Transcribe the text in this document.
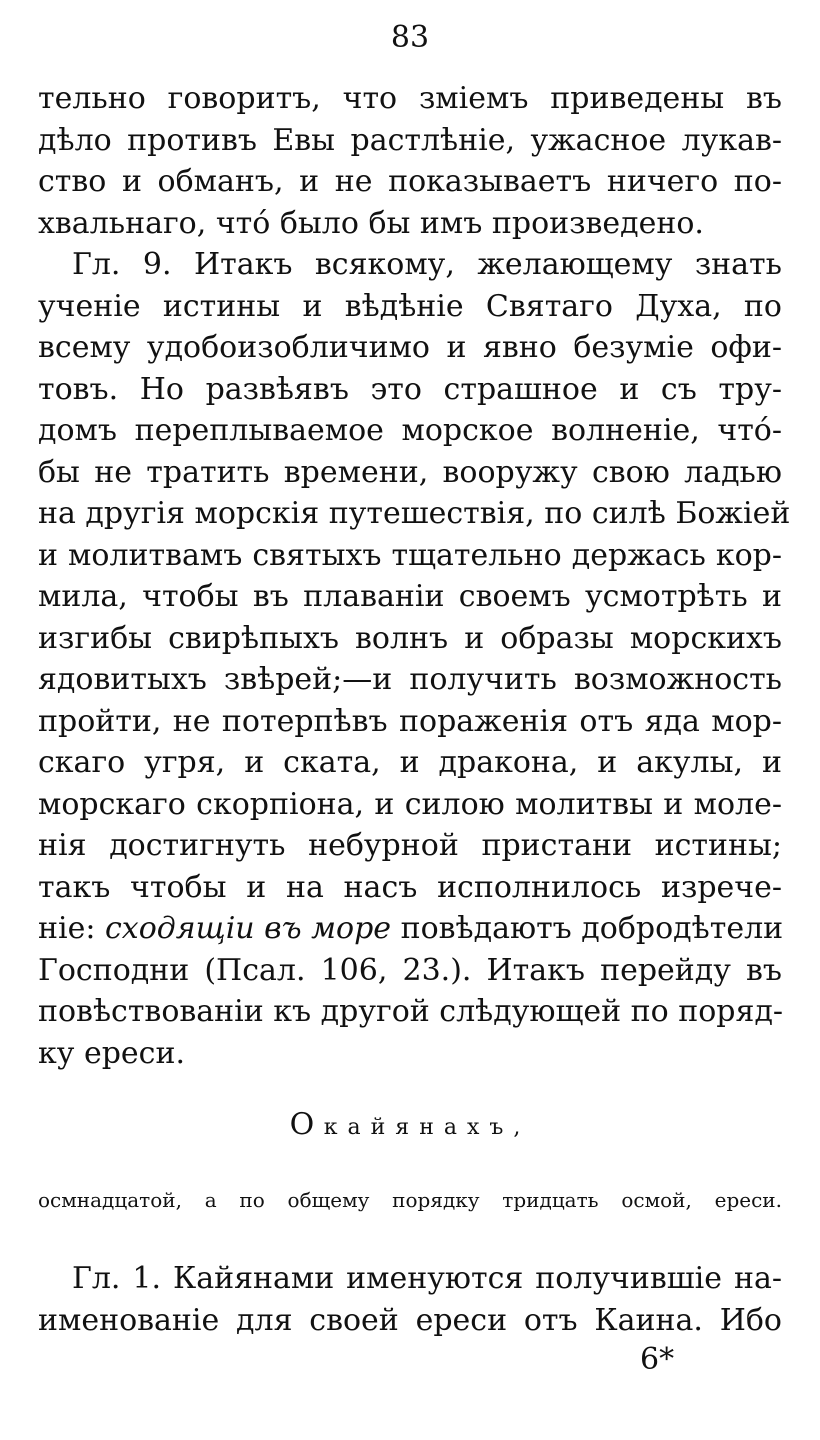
83
тельно говоритъ, что зміемъ приведены въ
дѣло противъ Евы растлѣніе, ужасное лукав-
ство и обманъ, и не показываетъ ничего по-
хвальнаго, чтó было бы имъ произведено.
Гл. 9. Итакъ всякому, желающему знать
ученіе истины и вѣдѣніе Святаго Духа, по
всему удобоизобличимо и явно безуміе офи-
товъ. Но развѣявъ это страшное и съ тру-
домъ переплываемое морское волненіе, чтó-
бы не тратить времени, вооружу свою ладью
на другія морскія путешествія, по силѣ Божіей
и молитвамъ святыхъ тщательно держась кор-
мила, чтобы въ плаваніи своемъ усмотрѣть и
изгибы свирѣпыхъ волнъ и образы морскихъ
ядовитыхъ звѣрей;—и получить возможность
пройти, не потерпѣвъ пораженія отъ яда мор-
скаго угря, и ската, и дракона, и акулы, и
морскаго скорпіона, и силою молитвы и моле-
нія достигнуть небурной пристани истины;
такъ чтобы и на насъ исполнилось изрече-
ніе: сходящіи въ море повѣдаютъ добродѣтели
Господни (Псал. 106, 23.). Итакъ перейду въ
повѣствованіи къ другой слѣдующей по поряд-
ку ереси.
О кайянахъ,
осмнадцатой, а по общему порядку тридцать осмой, ереси.
Гл. 1. Кайянами именуются получившіе на-
именованіе для своей ереси отъ Каина. Ибо
6*
